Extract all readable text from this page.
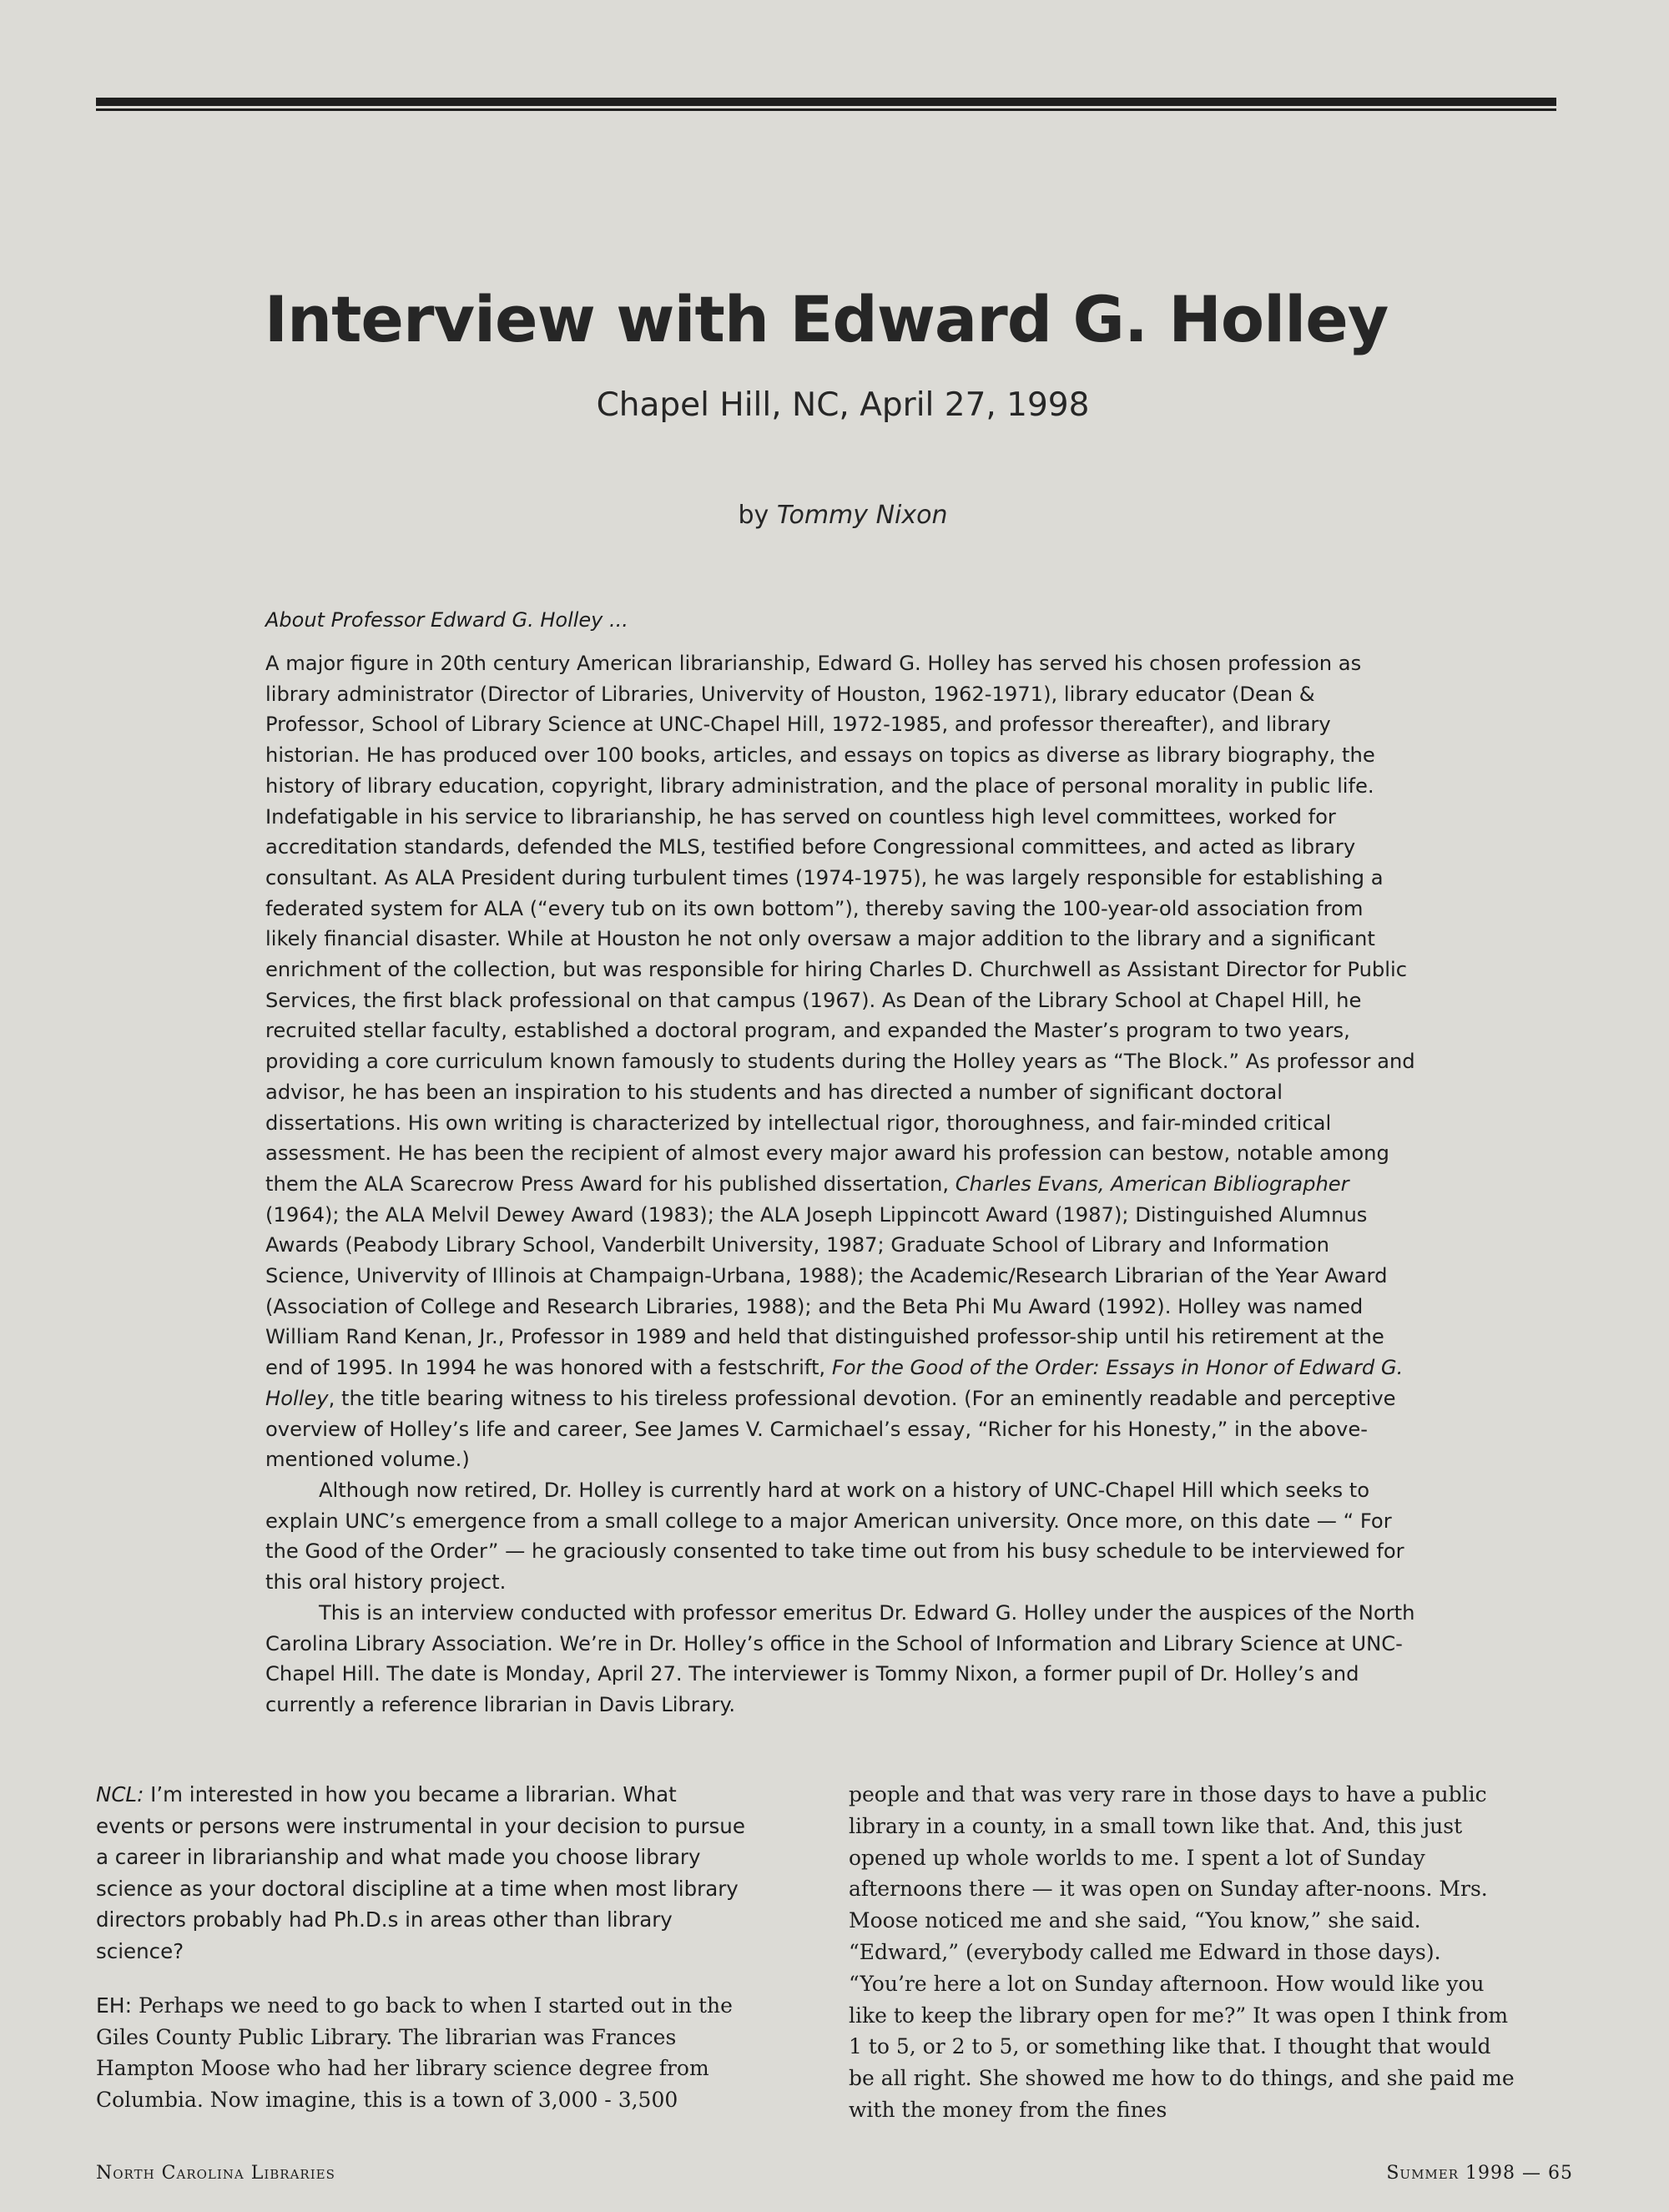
Interview with Edward G. Holley
Chapel Hill, NC, April 27, 1998
by Tommy Nixon
About Professor Edward G. Holley ...

A major figure in 20th century American librarianship, Edward G. Holley has served his chosen profession as library administrator (Director of Libraries, Univervity of Houston, 1962-1971), library educator (Dean & Professor, School of Library Science at UNC-Chapel Hill, 1972-1985, and professor thereafter), and library historian. He has produced over 100 books, articles, and essays on topics as diverse as library biography, the history of library education, copyright, library administration, and the place of personal morality in public life. Indefatigable in his service to librarianship, he has served on countless high level committees, worked for accreditation standards, defended the MLS, testified before Congressional committees, and acted as library consultant. As ALA President during turbulent times (1974-1975), he was largely responsible for establishing a federated system for ALA (“every tub on its own bottom”), thereby saving the 100-year-old association from likely financial disaster. While at Houston he not only oversaw a major addition to the library and a significant enrichment of the collection, but was responsible for hiring Charles D. Churchwell as Assistant Director for Public Services, the first black professional on that campus (1967). As Dean of the Library School at Chapel Hill, he recruited stellar faculty, established a doctoral program, and expanded the Master’s program to two years, providing a core curriculum known famously to students during the Holley years as “The Block.” As professor and advisor, he has been an inspiration to his students and has directed a number of significant doctoral dissertations. His own writing is characterized by intellectual rigor, thoroughness, and fair-minded critical assessment. He has been the recipient of almost every major award his profession can bestow, notable among them the ALA Scarecrow Press Award for his published dissertation, Charles Evans, American Bibliographer (1964); the ALA Melvil Dewey Award (1983); the ALA Joseph Lippincott Award (1987); Distinguished Alumnus Awards (Peabody Library School, Vanderbilt University, 1987; Graduate School of Library and Information Science, Univervity of Illinois at Champaign-Urbana, 1988); the Academic/Research Librarian of the Year Award (Association of College and Research Libraries, 1988); and the Beta Phi Mu Award (1992). Holley was named William Rand Kenan, Jr., Professor in 1989 and held that distinguished professor-ship until his retirement at the end of 1995. In 1994 he was honored with a festschrift, For the Good of the Order: Essays in Honor of Edward G. Holley, the title bearing witness to his tireless professional devotion. (For an eminently readable and perceptive overview of Holley’s life and career, See James V. Carmichael’s essay, “Richer for his Honesty,” in the above-mentioned volume.)

Although now retired, Dr. Holley is currently hard at work on a history of UNC-Chapel Hill which seeks to explain UNC’s emergence from a small college to a major American university. Once more, on this date — “ For the Good of the Order” — he graciously consented to take time out from his busy schedule to be interviewed for this oral history project.

This is an interview conducted with professor emeritus Dr. Edward G. Holley under the auspices of the North Carolina Library Association. We’re in Dr. Holley’s office in the School of Information and Library Science at UNC-Chapel Hill. The date is Monday, April 27. The interviewer is Tommy Nixon, a former pupil of Dr. Holley’s and currently a reference librarian in Davis Library.

NCL: I’m interested in how you became a librarian. What events or persons were instrumental in your decision to pursue a career in librarianship and what made you choose library science as your doctoral discipline at a time when most library directors probably had Ph.D.s in areas other than library science?

EH: Perhaps we need to go back to when I started out in the Giles County Public Library. The librarian was Frances Hampton Moose who had her library science degree from Columbia. Now imagine, this is a town of 3,000 - 3,500

people and that was very rare in those days to have a public library in a county, in a small town like that. And, this just opened up whole worlds to me. I spent a lot of Sunday afternoons there — it was open on Sunday after-noons. Mrs. Moose noticed me and she said, “You know,” she said. “Edward,” (everybody called me Edward in those days). “You’re here a lot on Sunday afternoon. How would like you like to keep the library open for me?” It was open I think from 1 to 5, or 2 to 5, or something like that. I thought that would be all right. She showed me how to do things, and she paid me with the money from the fines
North Carolina Libraries	Summer 1998 — 65
